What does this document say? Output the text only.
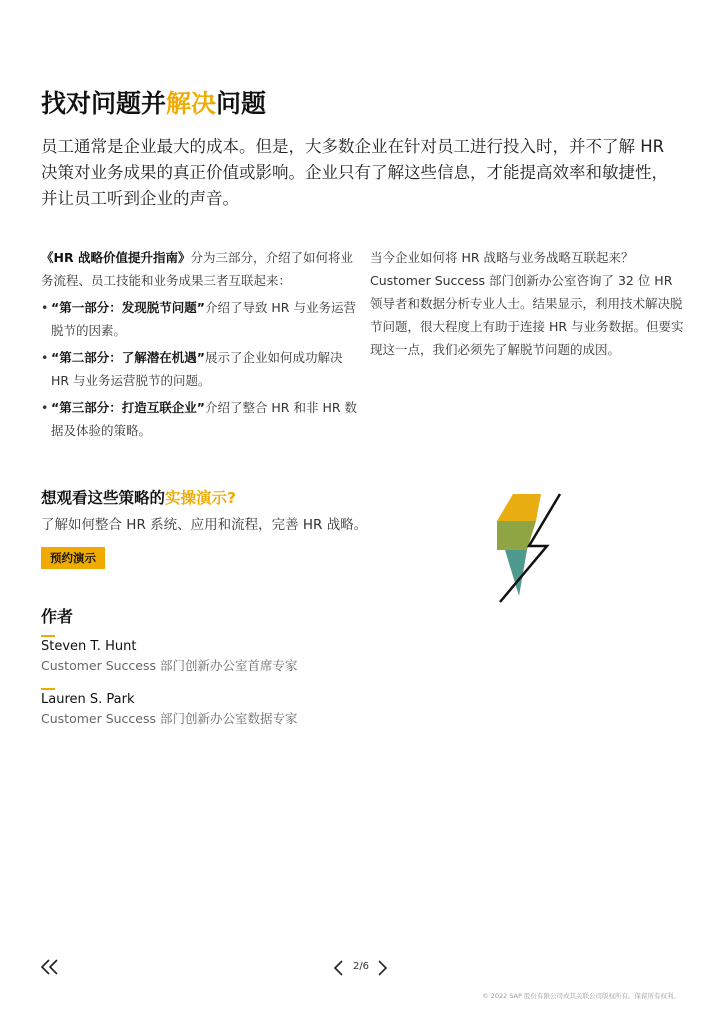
找对问题并解决问题

员工通常是企业最大的成本。但是，大多数企业在针对员工进行投入时，并不了解 HR 决策对业务成果的真正价值或影响。企业只有了解这些信息，才能提高效率和敏捷性，并让员工听到企业的声音。

《HR 战略价值提升指南》分为三部分，介绍了如何将业务流程、员工技能和业务成果三者互联起来：

• “第一部分：发现脱节问题”介绍了导致 HR 与业务运营脱节的因素。
• “第二部分：了解潜在机遇”展示了企业如何成功解决 HR 与业务运营脱节的问题。
• “第三部分：打造互联企业”介绍了整合 HR 和非 HR 数据及体验的策略。

当今企业如何将 HR 战略与业务战略互联起来？Customer Success 部门创新办公室咨询了 32 位 HR 领导者和数据分析专业人士。结果显示，利用技术解决脱节问题，很大程度上有助于连接 HR 与业务数据。但要实现这一点，我们必须先了解脱节问题的成因。

想观看这些策略的实操演示?

了解如何整合 HR 系统、应用和流程，完善 HR 战略。

预约演示
作者
Steven T. Hunt
Customer Success 部门创新办公室首席专家
Lauren S. Park
Customer Success 部门创新办公室数据专家
2/6
© 2022 SAP 股份有限公司或其关联公司版权所有。保留所有权利。
